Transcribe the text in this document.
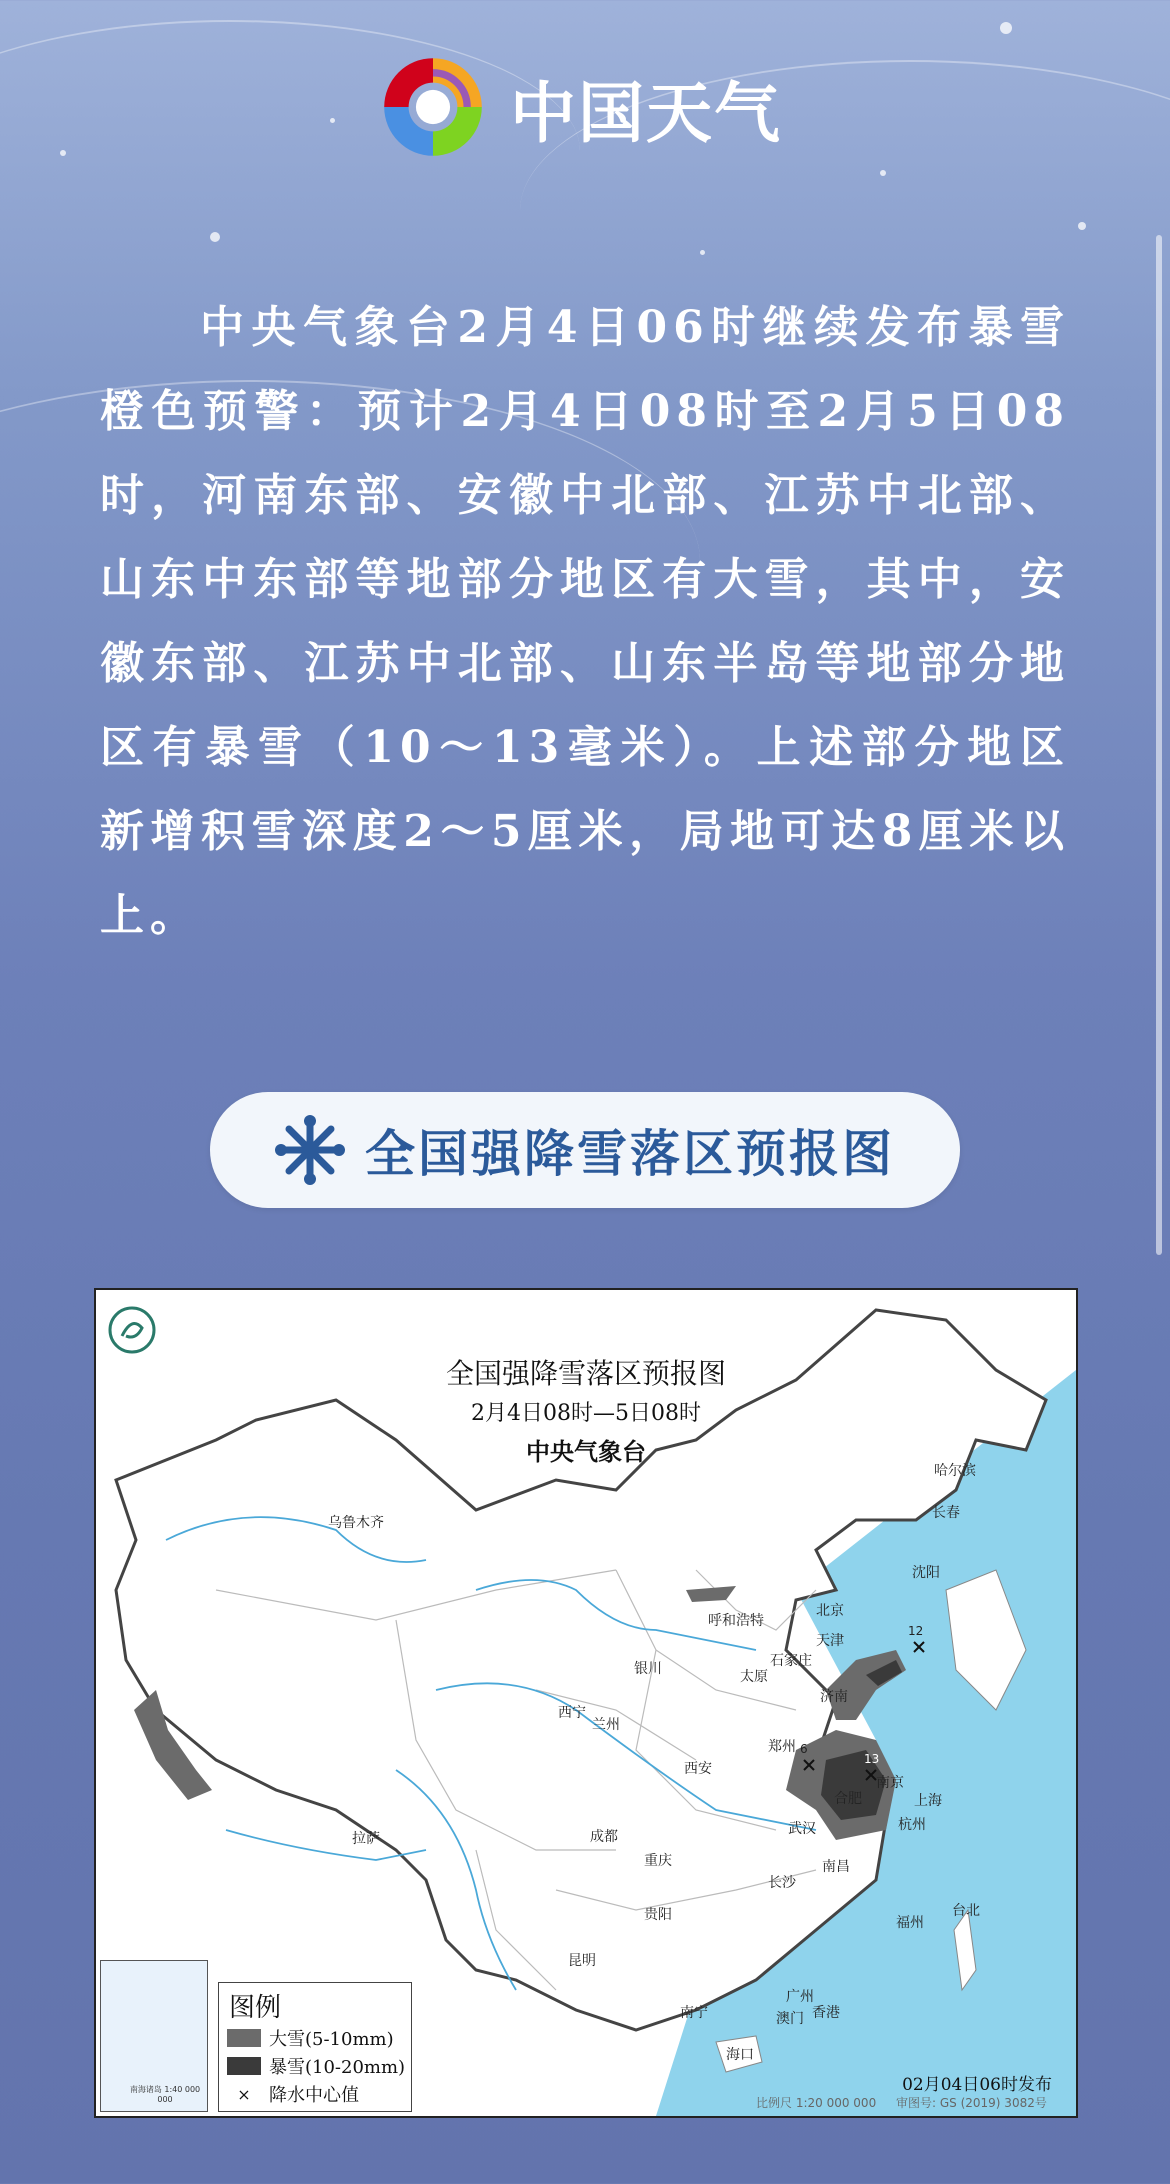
中国天气
中央气象台2月4日06时继续发布暴雪橙色预警：预计2月4日08时至2月5日08时，河南东部、安徽中北部、江苏中北部、山东中东部等地部分地区有大雪，其中，安徽东部、江苏中北部、山东半岛等地部分地区有暴雪（10～13毫米）。上述部分地区新增积雪深度2～5厘米，局地可达8厘米以上。
全国强降雪落区预报图
全国强降雪落区预报图
2月4日08时—5日08时
中央气象台
乌鲁木齐
哈尔滨
长春
沈阳
北京
天津
呼和浩特
石家庄
太原
济南
银川
西宁
兰州
郑州
西安
合肥
南京
上海
武汉	杭州
成都
重庆
拉萨
长沙
南昌
福州
贵阳	台北
昆明
广州
南宁	澳门 香港
海口
12
6
13
南海诸岛 1:40 000 000
图例
大雪(5-10mm)
暴雪(10-20mm)
×	降水中心值	02月04日06时发布
比例尺 1:20 000 000 审图号: GS (2019) 3082号
